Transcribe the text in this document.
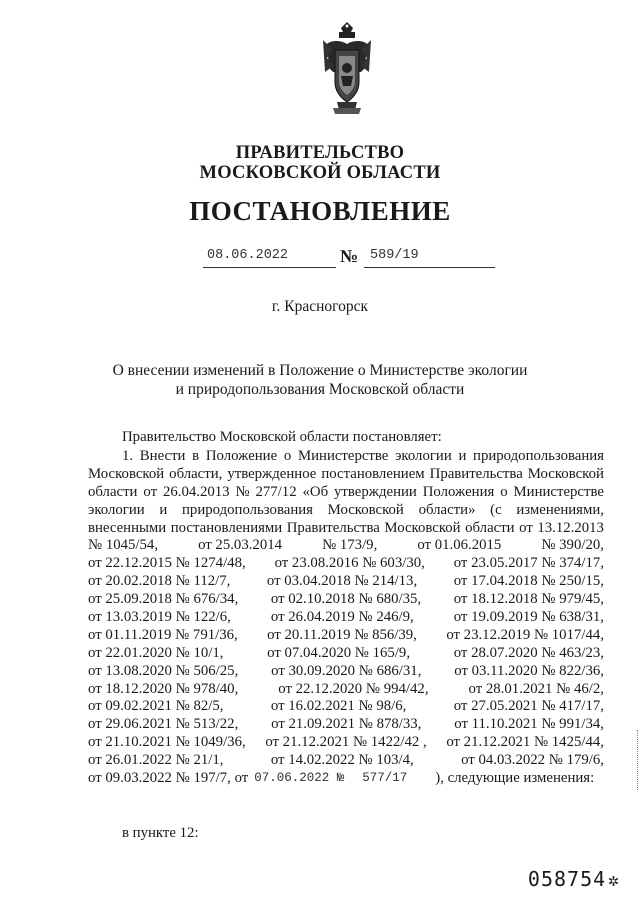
ПРАВИТЕЛЬСТВО
МОСКОВСКОЙ ОБЛАСТИ
ПОСТАНОВЛЕНИЕ
08.06.2022	№ 589/19
г. Красногорск
О внесении изменений в Положение о Министерстве экологии
и природопользования Московской области
Правительство Московской области постановляет:
1. Внести в Положение о Министерстве экологии и природопользования
Московской области, утвержденное постановлением Правительства Московской
области от 26.04.2013 № 277/12 «Об утверждении Положения о Министерстве
экологии и природопользования Московской области» (с изменениями,
внесенными постановлениями Правительства Московской области от 13.12.2013
№ 1045/54,	от 25.03.2014	№ 173/9,	от 01.06.2015	№ 390/20,
от 22.12.2015 № 1274/48, от 23.08.2016 № 603/30, от 23.05.2017 № 374/17,
от 20.02.2018 № 112/7, от 03.04.2018 № 214/13, от 17.04.2018 № 250/15,
от 25.09.2018 № 676/34, от 02.10.2018 № 680/35, от 18.12.2018 № 979/45,
от 13.03.2019 № 122/6,	от 26.04.2019 № 246/9,	от 19.09.2019 № 638/31,
от 01.11.2019 № 791/36, от 20.11.2019 № 856/39, от 23.12.2019 № 1017/44,
от 22.01.2020 № 10/1,	от 07.04.2020 № 165/9,	от 28.07.2020 № 463/23,
от 13.08.2020 № 506/25, от 30.09.2020 № 686/31, от 03.11.2020 № 822/36,
от 18.12.2020 № 978/40,	от 22.12.2020 № 994/42,	от 28.01.2021 № 46/2,
от 09.02.2021 № 82/5,	от 16.02.2021 № 98/6,	от 27.05.2021 № 417/17,
от 29.06.2021 № 513/22, от 21.09.2021 № 878/33, от 11.10.2021 № 991/34,
от 21.10.2021 № 1049/36, от 21.12.2021 № 1422/42 , от 21.12.2021 № 1425/44,
от 26.01.2022 № 21/1,	от 14.02.2022 № 103/4,	от 04.03.2022 № 179/6,
от 09.03.2022 № 197/7, от 07.06.2022 № 577/17 ), следующие изменения:
в пункте 12:
058754 ✲
